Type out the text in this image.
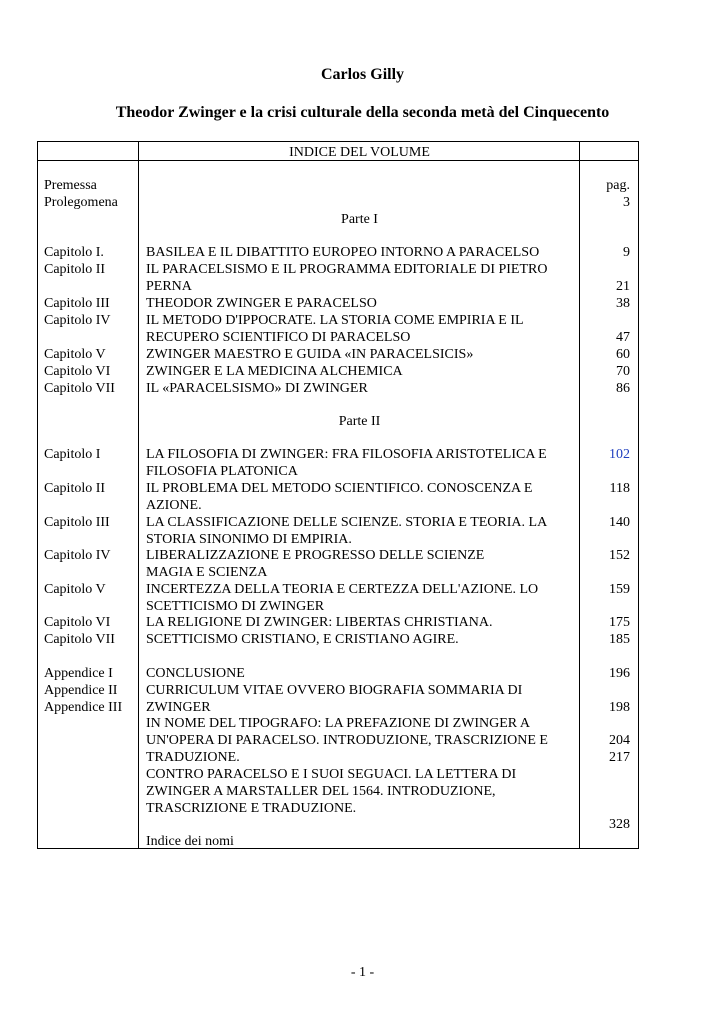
Carlos Gilly
Theodor Zwinger e la crisi culturale della seconda metà del Cinquecento
INDICE DEL VOLUME
Premessa
Prolegomena
Capitolo I.
Capitolo II
Capitolo III
Capitolo IV
Capitolo V
Capitolo VI
Capitolo VII
Capitolo I
Capitolo II
Capitolo III
Capitolo IV
Capitolo V
Capitolo VI
Capitolo VII
Appendice I
Appendice II
Appendice III
Parte I
Parte II
BASILEA E IL DIBATTITO EUROPEO INTORNO A PARACELSO
IL PARACELSISMO E IL PROGRAMMA EDITORIALE DI PIETRO
PERNA
THEODOR ZWINGER E PARACELSO
IL METODO D'IPPOCRATE. LA STORIA COME EMPIRIA E IL
RECUPERO SCIENTIFICO DI PARACELSO
ZWINGER MAESTRO E GUIDA «IN PARACELSICIS»
ZWINGER E LA MEDICINA ALCHEMICA
IL «PARACELSISMO» DI ZWINGER
LA FILOSOFIA DI ZWINGER: FRA FILOSOFIA ARISTOTELICA E
FILOSOFIA PLATONICA
IL PROBLEMA DEL METODO SCIENTIFICO. CONOSCENZA E
AZIONE.
LA CLASSIFICAZIONE DELLE SCIENZE. STORIA E TEORIA. LA
STORIA SINONIMO DI EMPIRIA.
LIBERALIZZAZIONE E PROGRESSO DELLE SCIENZE
MAGIA E SCIENZA
INCERTEZZA DELLA TEORIA E CERTEZZA DELL'AZIONE. LO
SCETTICISMO DI ZWINGER
LA RELIGIONE DI ZWINGER: LIBERTAS CHRISTIANA.
SCETTICISMO CRISTIANO, E CRISTIANO AGIRE.
CONCLUSIONE
CURRICULUM VITAE OVVERO BIOGRAFIA SOMMARIA DI
ZWINGER
IN NOME DEL TIPOGRAFO: LA PREFAZIONE DI ZWINGER A
UN'OPERA DI PARACELSO. INTRODUZIONE, TRASCRIZIONE E
TRADUZIONE.
CONTRO PARACELSO E I SUOI SEGUACI. LA LETTERA DI
ZWINGER A MARSTALLER DEL 1564. INTRODUZIONE,
TRASCRIZIONE E TRADUZIONE.
Indice dei nomi
pag.
3
9
21
38
47
60
70
86
102
118
140
152
159
175
185
196
198
204
217
328
- 1 -
